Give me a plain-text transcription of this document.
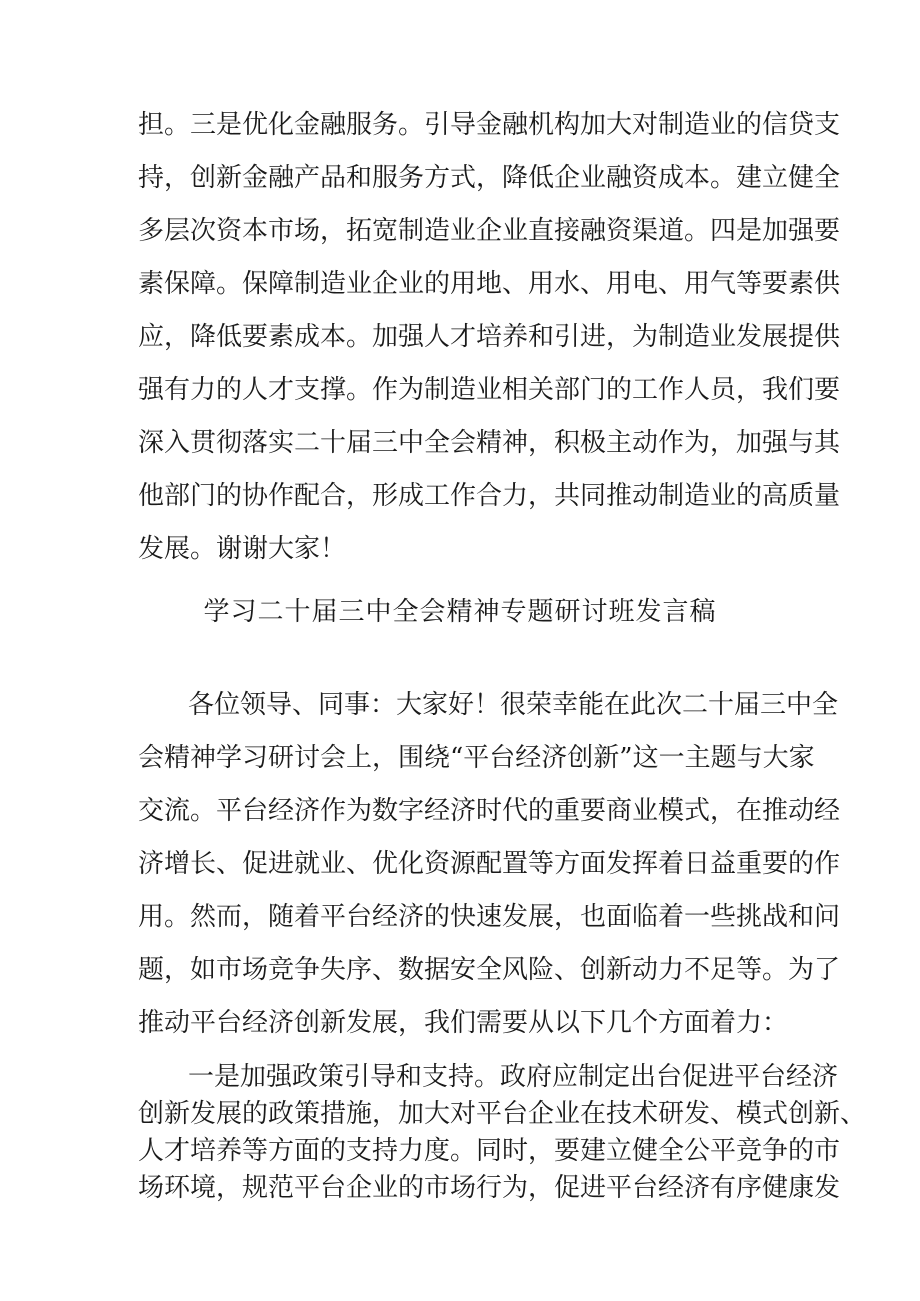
担。三是优化金融服务。引导金融机构加大对制造业的信贷支
持，创新金融产品和服务方式，降低企业融资成本。建立健全
多层次资本市场，拓宽制造业企业直接融资渠道。四是加强要
素保障。保障制造业企业的用地、用水、用电、用气等要素供
应，降低要素成本。加强人才培养和引进，为制造业发展提供
强有力的人才支撑。作为制造业相关部门的工作人员，我们要
深入贯彻落实二十届三中全会精神，积极主动作为，加强与其
他部门的协作配合，形成工作合力，共同推动制造业的高质量
发展。谢谢大家！
学习二十届三中全会精神专题研讨班发言稿
各位领导、同事：大家好！很荣幸能在此次二十届三中全
会精神学习研讨会上，围绕“平台经济创新”这一主题与大家
交流。平台经济作为数字经济时代的重要商业模式，在推动经
济增长、促进就业、优化资源配置等方面发挥着日益重要的作
用。然而，随着平台经济的快速发展，也面临着一些挑战和问
题，如市场竞争失序、数据安全风险、创新动力不足等。为了
推动平台经济创新发展，我们需要从以下几个方面着力：
一是加强政策引导和支持。政府应制定出台促进平台经济
创新发展的政策措施，加大对平台企业在技术研发、模式创新、
人才培养等方面的支持力度。同时，要建立健全公平竞争的市
场环境，规范平台企业的市场行为，促进平台经济有序健康发
